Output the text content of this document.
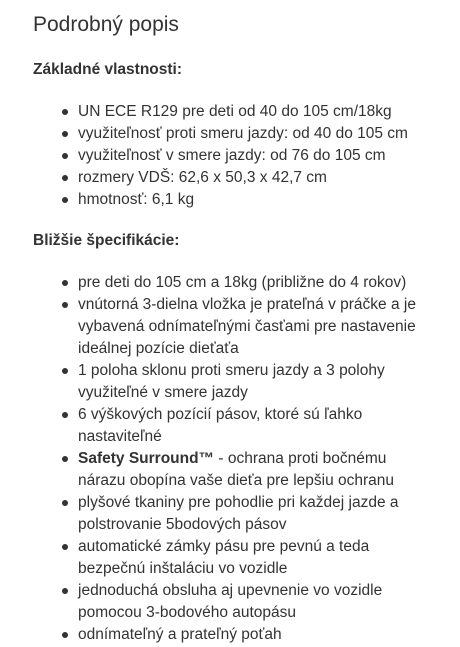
Podrobný popis
Základné vlastnosti:
UN ECE R129 pre deti od 40 do 105 cm/18kg
využiteľnosť proti smeru jazdy: od 40 do 105 cm
využiteľnosť v smere jazdy: od 76 do 105 cm
rozmery VDŠ: 62,6 x 50,3 x 42,7 cm
hmotnosť: 6,1 kg
Bližšie špecifikácie:
pre deti do 105 cm a 18kg (približne do 4 rokov)
vnútorná 3-dielna vložka je prateľná v práčke a je vybavená odnímateľnými časťami pre nastavenie ideálnej pozície dieťaťa
1 poloha sklonu proti smeru jazdy a 3 polohy využiteľné v smere jazdy
6 výškových pozícií pásov, ktoré sú ľahko nastaviteľné
Safety Surround™ - ochrana proti bočnému nárazu obopína vaše dieťa pre lepšiu ochranu
plyšové tkaniny pre pohodlie pri každej jazde a polstrovanie 5bodových pásov
automatické zámky pásu pre pevnú a teda bezpečnú inštaláciu vo vozidle
jednoduchá obsluha aj upevnenie vo vozidle pomocou 3-bodového autopásu
odnímateľný a prateľný poťah
